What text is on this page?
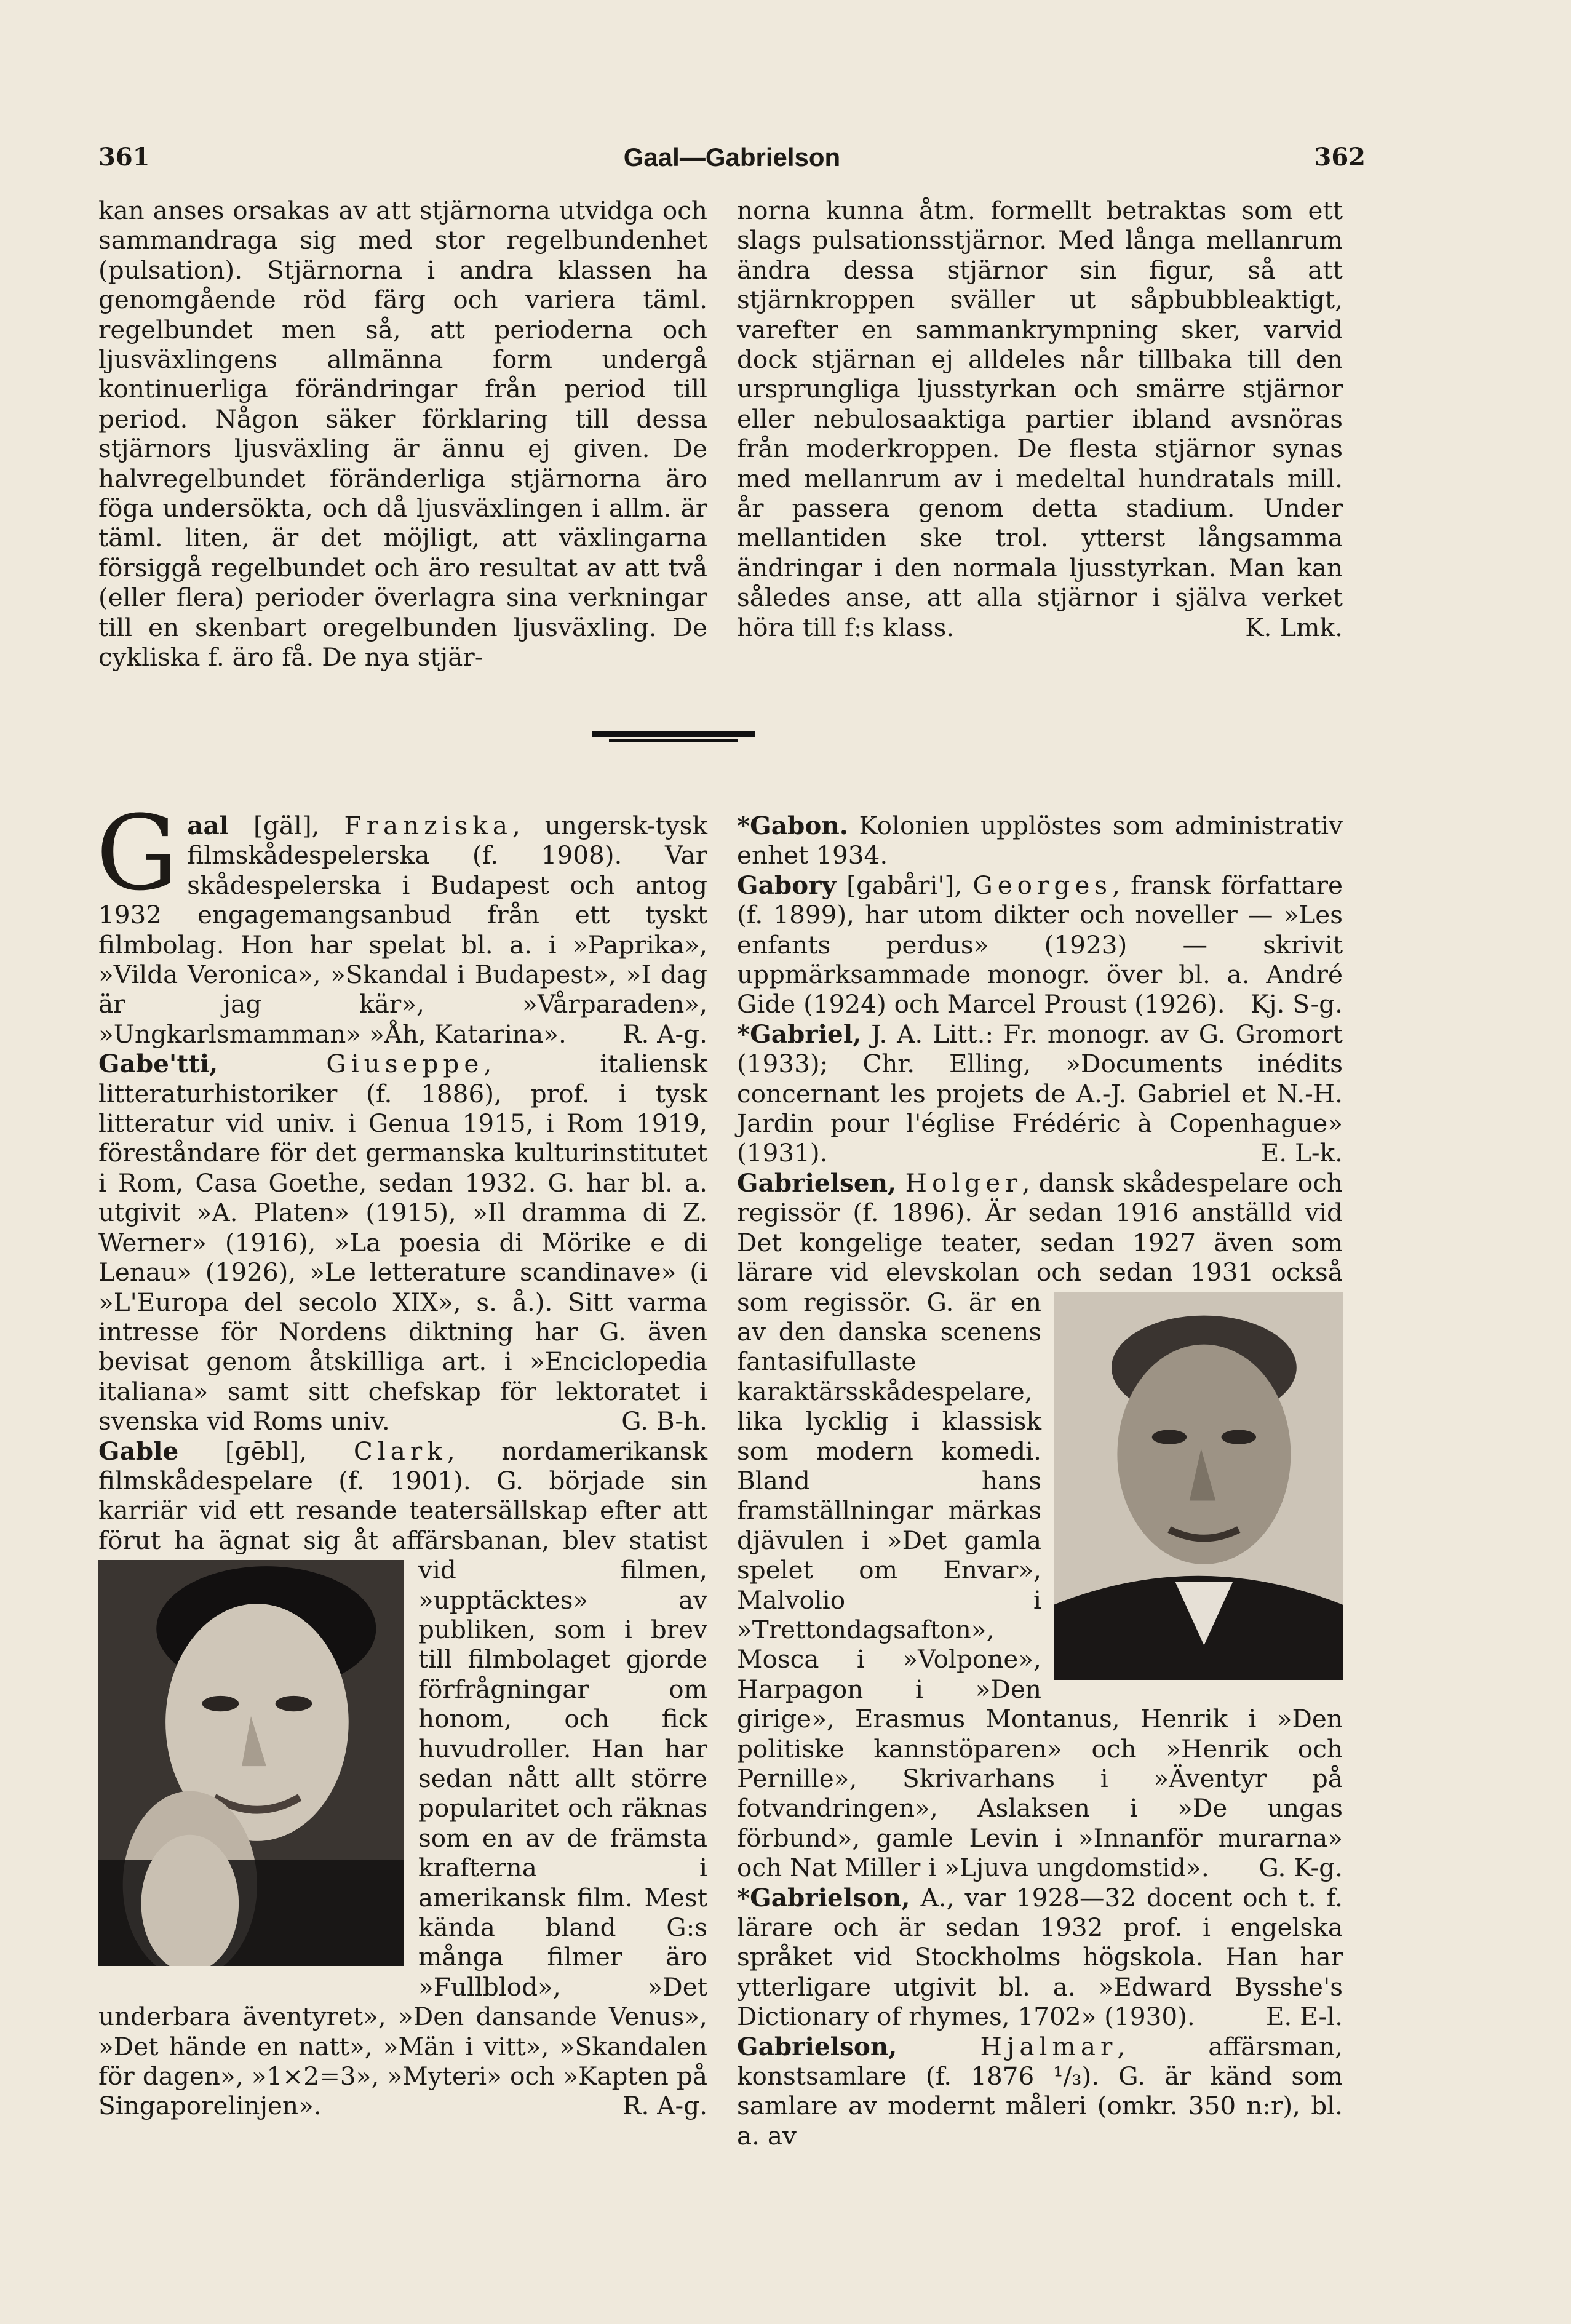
361	Gaal—Gabrielson	362

kan anses orsakas av att stjärnorna utvidga och sammandraga sig med stor regelbundenhet (pulsation). Stjärnorna i andra klassen ha genomgående röd färg och variera täml. regelbundet men så, att perioderna och ljusväxlingens allmänna form undergå kontinuerliga förändringar från period till period. Någon säker förklaring till dessa stjärnors ljusväxling är ännu ej given. De halvregelbundet föränderliga stjärnorna äro föga undersökta, och då ljusväxlingen i allm. är täml. liten, är det möjligt, att växlingarna försiggå regelbundet och äro resultat av att två (eller flera) perioder överlagra sina verkningar till en skenbart oregelbunden ljusväxling. De cykliska f. äro få. De nya stjär-

norna kunna åtm. formellt betraktas som ett slags pulsationsstjärnor. Med långa mellanrum ändra dessa stjärnor sin figur, så att stjärnkroppen sväller ut såpbubbleaktigt, varefter en sammankrympning sker, varvid dock stjärnan ej alldeles når tillbaka till den ursprungliga ljusstyrkan och smärre stjärnor eller nebulosaaktiga partier ibland avsnöras från moderkroppen. De flesta stjärnor synas med mellanrum av i medeltal hundratals mill. år passera genom detta stadium. Under mellantiden ske trol. ytterst långsamma ändringar i den normala ljusstyrkan. Man kan således anse, att alla stjärnor i själva verket höra till f:s klass.	K. Lmk.

Gaal [gäl], Franziska, ungersk-tysk filmskådespelerska (f. 1908). Var skådespelerska i Budapest och antog 1932 engagemangsanbud från ett tyskt filmbolag. Hon har spelat bl. a. i »Paprika», »Vilda Veronica», »Skandal i Budapest», »I dag är jag kär», »Vårparaden», »Ungkarlsmamman» »Åh, Katarina». R. A-g.

Gabe'tti,	Giuseppe, italiensk litteraturhistoriker (f. 1886), prof. i tysk litteratur vid univ. i Genua 1915, i Rom 1919, föreståndare för det germanska kulturinstitutet i Rom, Casa Goethe, sedan 1932. G. har bl. a. utgivit »A. Platen» (1915), »Il dramma di Z. Werner» (1916), »La poesia di Mörike e di Lenau» (1926), »Le letterature scandinave» (i »L'Europa del secolo XIX», s. å.). Sitt varma intresse för Nordens diktning har G. även bevisat genom åtskilliga art. i »Enciclopedia italiana» samt sitt chefskap för lektoratet i svenska vid Roms univ.	G. B-h.

Gable [gēbl], Clark, nordamerikansk filmskådespelare (f. 1901). G. började sin karriär vid ett resande teatersällskap efter att förut ha ägnat sig åt affärsbanan, blev statist vid filmen, »upptäcktes» av publiken, som i brev till filmbolaget gjorde förfrågningar om honom, och fick huvudroller. Han har sedan nått allt större popularitet och räknas som en av de främsta krafterna i amerikansk film. Mest kända bland G:s många filmer äro »Fullblod», »Det underbara äventyret», »Den dansande Venus», »Det hände en natt», »Män i vitt», »Skandalen för dagen», »1×2=3», »Myteri» och »Kapten på Singaporelinjen».	R. A-g.

*Gabon. Kolonien upplöstes som administrativ enhet 1934.

Gabory [gabåri'], Georges, fransk författare (f. 1899), har utom dikter och noveller — »Les enfants perdus» (1923) — skrivit uppmärksammade monogr. över bl. a. André Gide (1924) och Marcel Proust (1926). Kj. S-g.

*Gabriel, J. A. Litt.: Fr. monogr. av G. Gromort (1933); Chr. Elling, »Documents inédits concernant les projets de A.-J. Gabriel et N.-H. Jardin pour l'église Frédéric à Copenhague» (1931).	E. L-k.

Gabrielsen, Holger, dansk skådespelare och regissör (f. 1896). Är sedan 1916 anställd vid Det kongelige teater, sedan 1927 även som lärare vid elevskolan och sedan 1931 också som regissör.
G. är en av den danska scenens fantasifullaste karaktärsskådespelare, lika lycklig i klassisk som modern komedi. Bland hans framställningar märkas djävulen i »Det gamla spelet om Envar», Malvolio i »Trettondagsafton», Mosca i »Volpone», Harpagon i »Den girige», Erasmus Montanus, Henrik i »Den politiske kannstöparen» och »Henrik och Pernille», Skrivarhans i »Äventyr på fotvandringen», Aslaksen i »De ungas förbund», gamle Levin i »Innanför murarna» och Nat Miller i »Ljuva ungdomstid». G. K-g.

*Gabrielson, A., var 1928—32 docent och t. f. lärare och är sedan 1932 prof. i engelska språket vid Stockholms högskola. Han har ytterligare utgivit bl. a. »Edward Bysshe's Dictionary of rhymes, 1702» (1930).	E. E-l.

Gabrielson,	Hjalmar, affärsman, konstsamlare (f. 1876 ¹/₃). G. är känd som samlare av modernt måleri (omkr. 350 n:r), bl. a. av
